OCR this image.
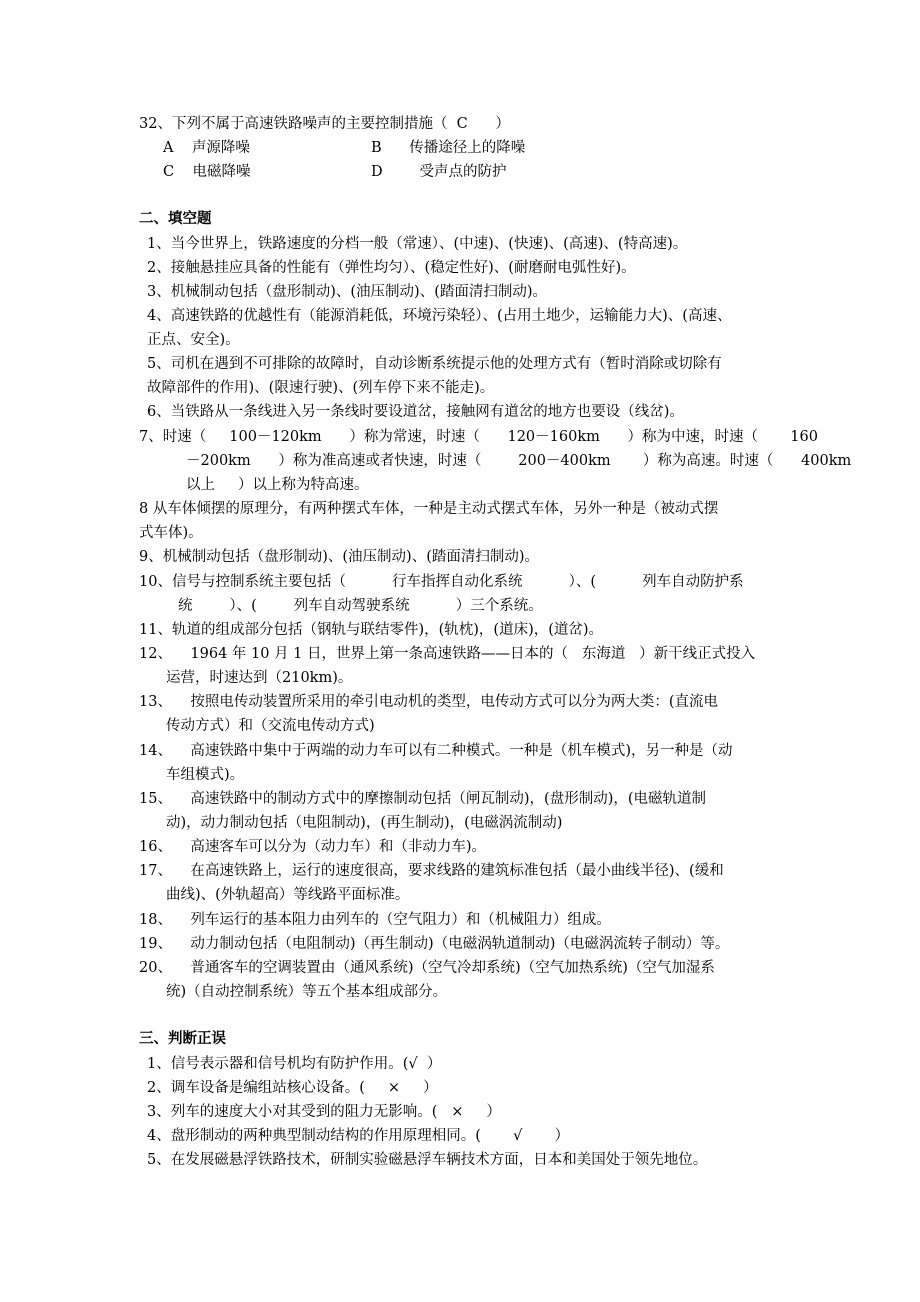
32、下列不属于高速铁路噪声的主要控制措施（  C      ）
A    声源降噪	B      传播途径上的降噪
C    电磁降噪	D        受声点的防护
二、填空题
1、当今世界上，铁路速度的分档一般（常速）、(中速)、(快速)、(高速)、(特高速)。
2、接触悬挂应具备的性能有（弹性均匀）、(稳定性好)、(耐磨耐电弧性好)。
3、机械制动包括（盘形制动)、(油压制动)、(踏面清扫制动)。
4、高速铁路的优越性有（能源消耗低，环境污染轻）、(占用土地少，运输能力大)、(高速、
正点、安全)。
5、司机在遇到不可排除的故障时，自动诊断系统提示他的处理方式有（暂时消除或切除有
故障部件的作用)、(限速行驶)、(列车停下来不能走)。
6、当铁路从一条线进入另一条线时要设道岔，接触网有道岔的地方也要设（线岔)。
7、时速（     100－120km      ）称为常速，时速（      120－160km      ）称为中速，时速（       160
－200km      ）称为准高速或者快速，时速（        200－400km       ）称为高速。时速（      400km
以上     ）以上称为特高速。
8 从车体倾摆的原理分，有两种摆式车体，一种是主动式摆式车体，另外一种是（被动式摆
式车体)。
9、机械制动包括（盘形制动)、(油压制动)、(踏面清扫制动)。
10、信号与控制系统主要包括（          行车指挥自动化系统          ）、(          列车自动防护系
统        ）、(        列车自动驾驶系统          ）三个系统。
11、轨道的组成部分包括（钢轨与联结零件)，(轨枕)，(道床)，(道岔)。
12、    1964 年 10 月 1 日，世界上第一条高速铁路——日本的（   东海道   ）新干线正式投入
运营，时速达到（210km)。
13、    按照电传动装置所采用的牵引电动机的类型，电传动方式可以分为两大类：(直流电
传动方式）和（交流电传动方式)
14、    高速铁路中集中于两端的动力车可以有二种模式。一种是（机车模式)，另一种是（动
车组模式)。
15、    高速铁路中的制动方式中的摩擦制动包括（闸瓦制动)，(盘形制动)，(电磁轨道制
动)，动力制动包括（电阻制动)，(再生制动)，(电磁涡流制动)
16、    高速客车可以分为（动力车）和（非动力车)。
17、    在高速铁路上，运行的速度很高，要求线路的建筑标准包括（最小曲线半径)、(缓和
曲线)、(外轨超高）等线路平面标准。
18、    列车运行的基本阻力由列车的（空气阻力）和（机械阻力）组成。
19、    动力制动包括（电阻制动)（再生制动)（电磁涡轨道制动)（电磁涡流转子制动）等。
20、    普通客车的空调装置由（通风系统)（空气冷却系统)（空气加热系统)（空气加湿系
统)（自动控制系统）等五个基本组成部分。
三、判断正误
1、信号表示器和信号机均有防护作用。(√  ）
2、调车设备是编组站核心设备。(     ×     ）
3、列车的速度大小对其受到的阻力无影响。(   ×     ）
4、盘形制动的两种典型制动结构的作用原理相同。(       √       ）
5、在发展磁悬浮铁路技术，研制实验磁悬浮车辆技术方面，日本和美国处于领先地位。
